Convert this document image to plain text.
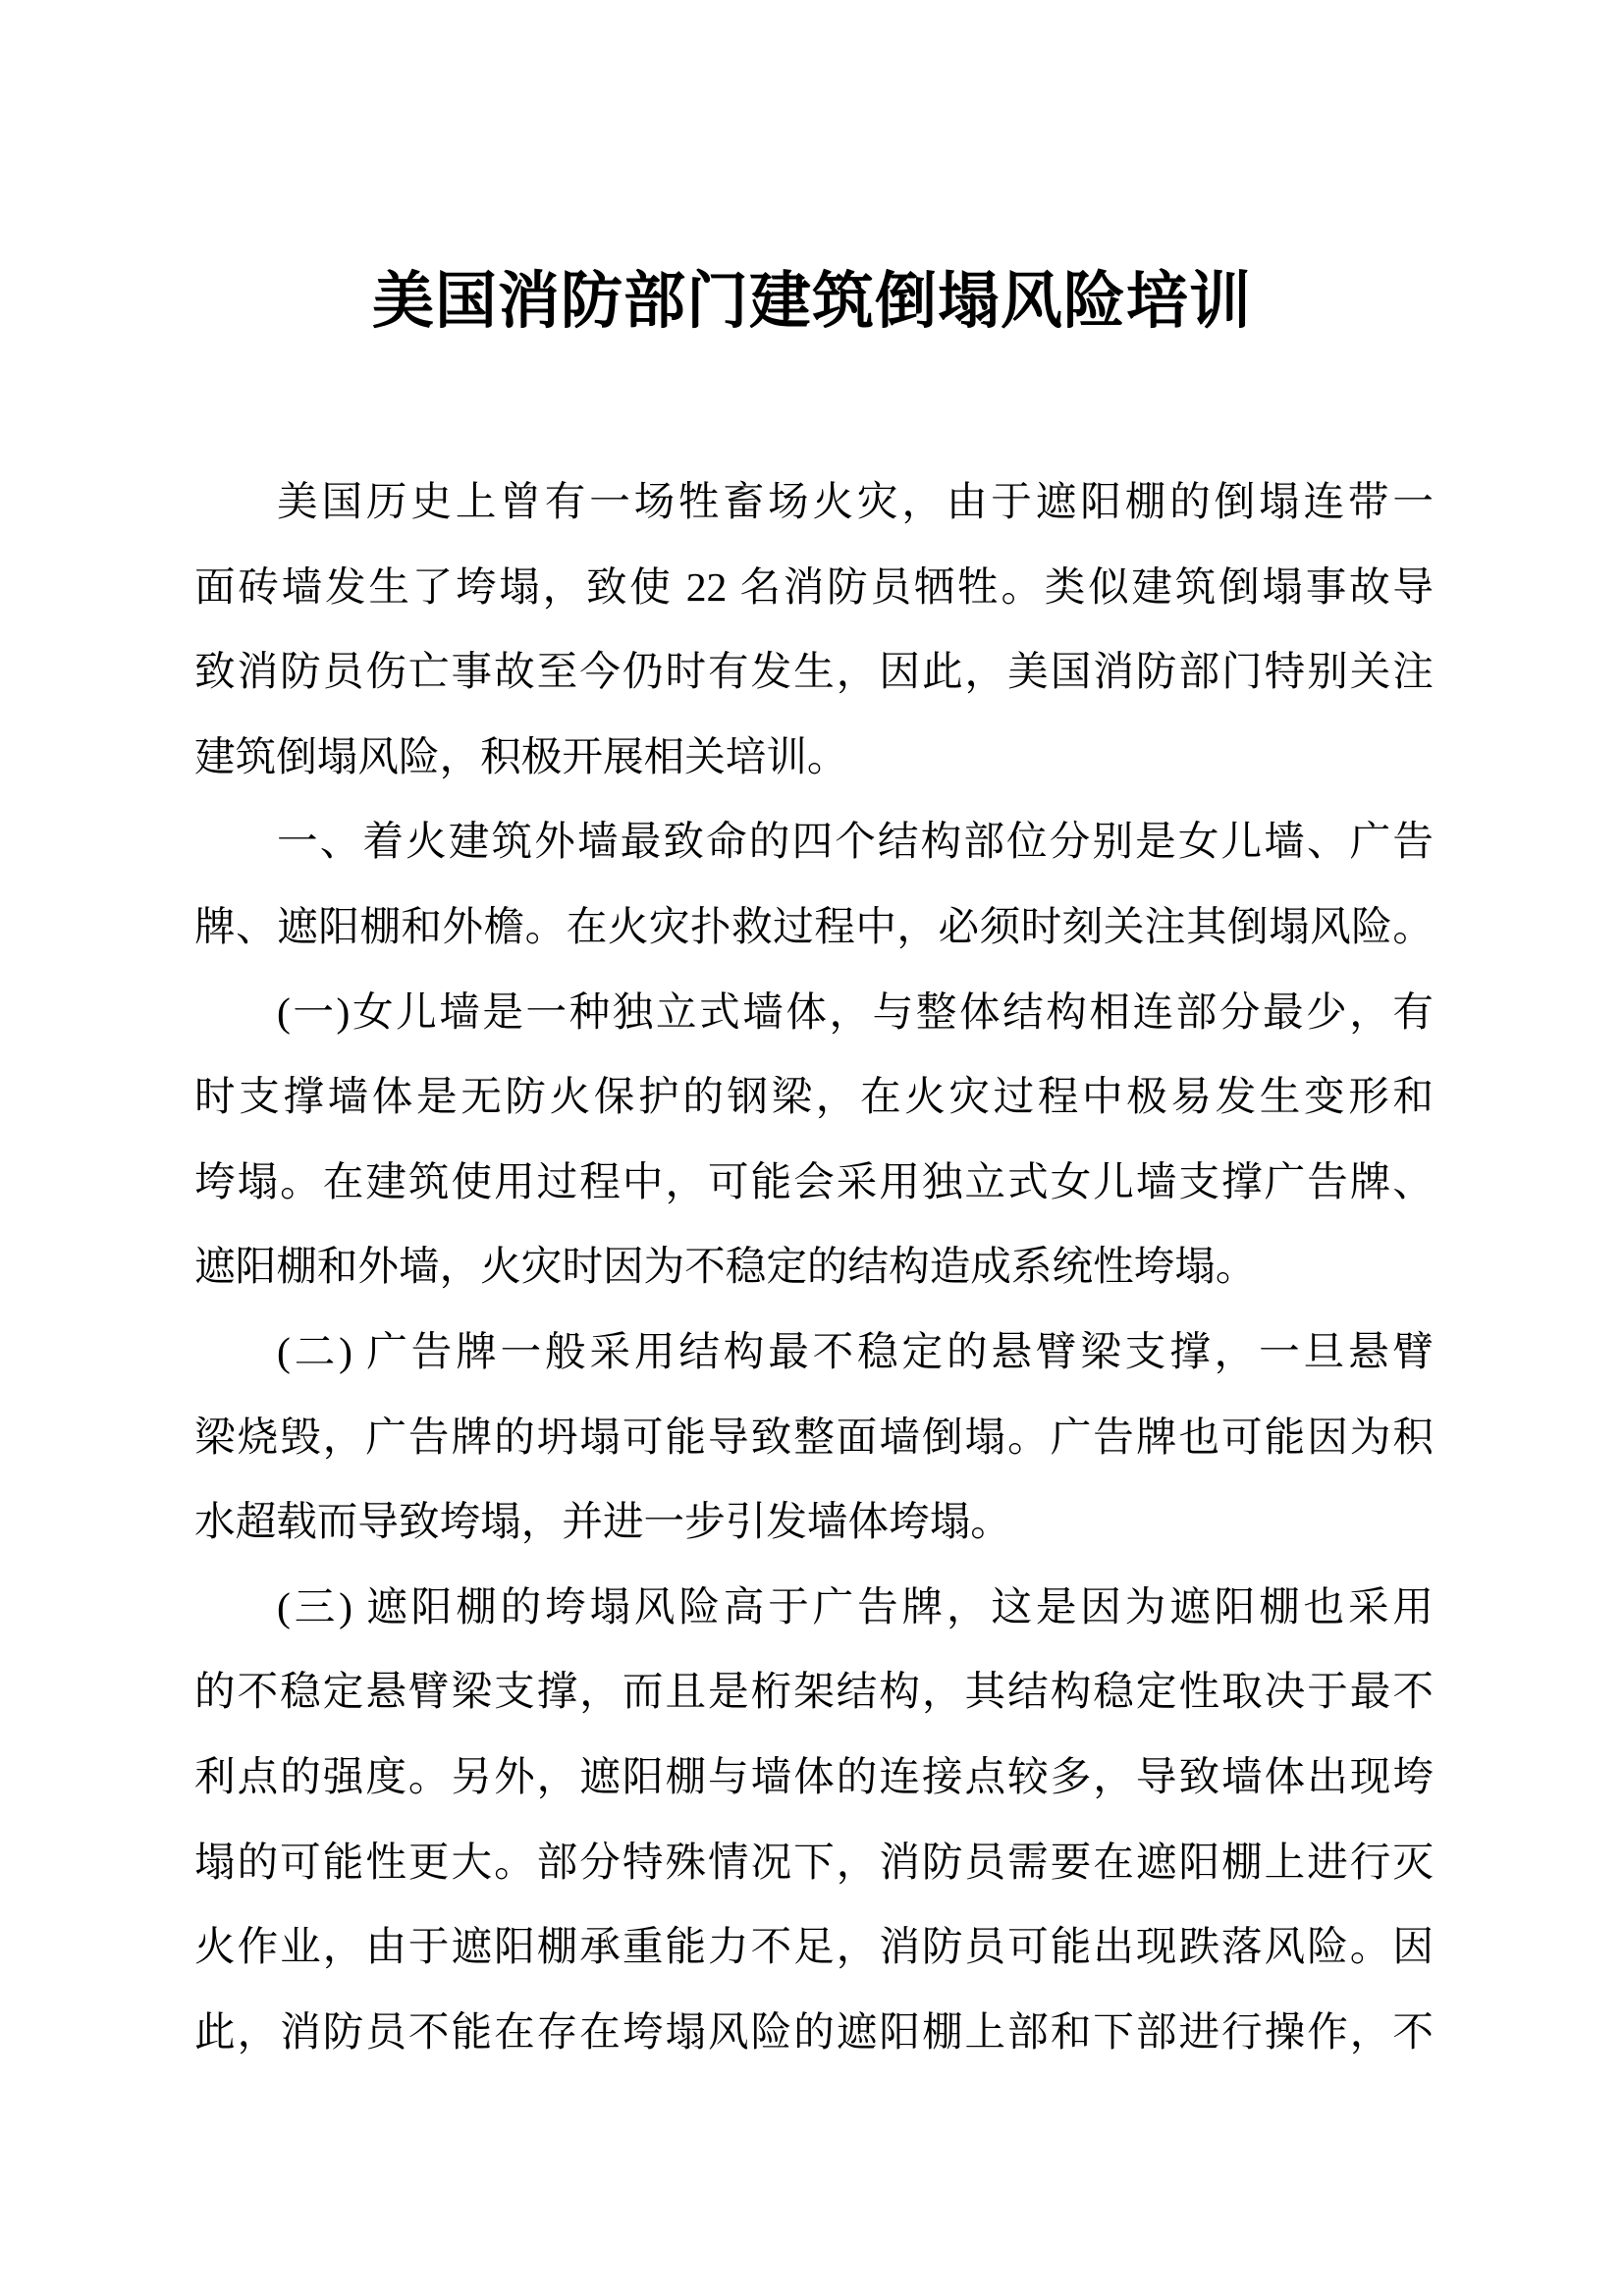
美国消防部门建筑倒塌风险培训
美国历史上曾有一场牲畜场火灾，由于遮阳棚的倒塌连带一
面砖墙发生了垮塌，致使 22 名消防员牺牲。类似建筑倒塌事故导
致消防员伤亡事故至今仍时有发生，因此，美国消防部门特别关注
建筑倒塌风险，积极开展相关培训。
一、着火建筑外墙最致命的四个结构部位分别是女儿墙、广告
牌、遮阳棚和外檐。在火灾扑救过程中，必须时刻关注其倒塌风险。
(一)女儿墙是一种独立式墙体，与整体结构相连部分最少，有
时支撑墙体是无防火保护的钢梁，在火灾过程中极易发生变形和
垮塌。在建筑使用过程中，可能会采用独立式女儿墙支撑广告牌、
遮阳棚和外墙，火灾时因为不稳定的结构造成系统性垮塌。
(二) 广告牌一般采用结构最不稳定的悬臂梁支撑，一旦悬臂
梁烧毁，广告牌的坍塌可能导致整面墙倒塌。广告牌也可能因为积
水超载而导致垮塌，并进一步引发墙体垮塌。
(三) 遮阳棚的垮塌风险高于广告牌，这是因为遮阳棚也采用
的不稳定悬臂梁支撑，而且是桁架结构，其结构稳定性取决于最不
利点的强度。另外，遮阳棚与墙体的连接点较多，导致墙体出现垮
塌的可能性更大。部分特殊情况下，消防员需要在遮阳棚上进行灭
火作业，由于遮阳棚承重能力不足，消防员可能出现跌落风险。因
此，消防员不能在存在垮塌风险的遮阳棚上部和下部进行操作，不
